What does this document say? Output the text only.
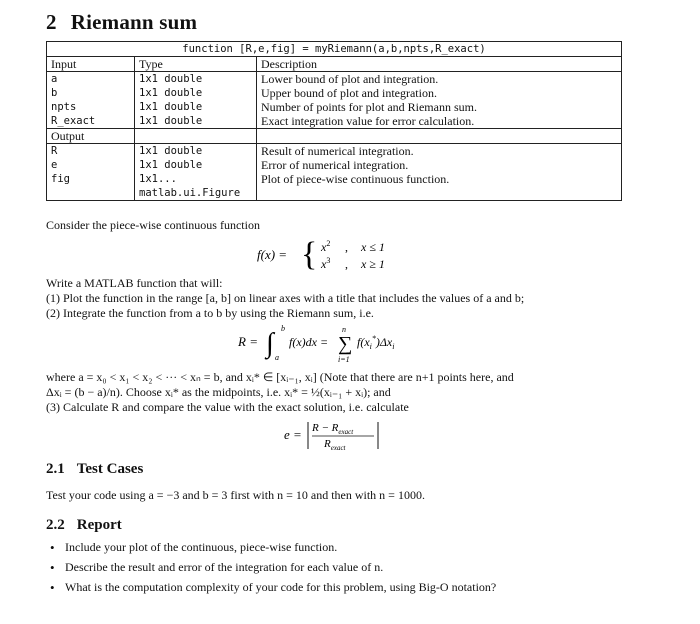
2 Riemann sum
function [R,e,fig] = myRiemann(a,b,npts,R_exact)		
Input	Type	Description
a	1x1 double	Lower bound of plot and integration.
b	1x1 double	Upper bound of plot and integration.
npts	1x1 double	Number of points for plot and Riemann sum.
R_exact	1x1 double	Exact integration value for error calculation.
Output		
R	1x1 double	Result of numerical integration.
e	1x1 double	Error of numerical integration.
fig	1x1...	Plot of piece-wise continuous function.
	matlab.ui.Figure	

Consider the piece-wise continuous function

f(x) = { $x^2$ , x ≤ 1
$x^3$ , x ≥ 1

Write a MATLAB function that will:

(1) Plot the function in the range [a, b] on linear axes with a title that includes the values of a and b;

(2) Integrate the function from a to b by using the Riemann sum, i.e.

R = ∫ b
a
f(x)dx = ∑
n
i=1
$f(x_i^*)\Delta x_i$

where a = x₀ < x₁ < x₂ < ··· < xₙ = b, and xᵢ* ∈ [xᵢ₋₁, xᵢ] (Note that there are n+1 points here, and

Δxᵢ = (b − a)/n). Choose xᵢ* as the midpoints, i.e. xᵢ* = ½(xᵢ₋₁ + xᵢ); and

(3) Calculate R and compare the value with the exact solution, i.e. calculate

$e = R - R_{exact}$
$R_{exact}$
2.1 Test Cases

Test your code using a = −3 and b = 3 first with n = 10 and then with n = 1000.

2.2 Report
• Include your plot of the continuous, piece-wise function.
• Describe the result and error of the integration for each value of n.
• What is the computation complexity of your code for this problem, using Big-O notation?
